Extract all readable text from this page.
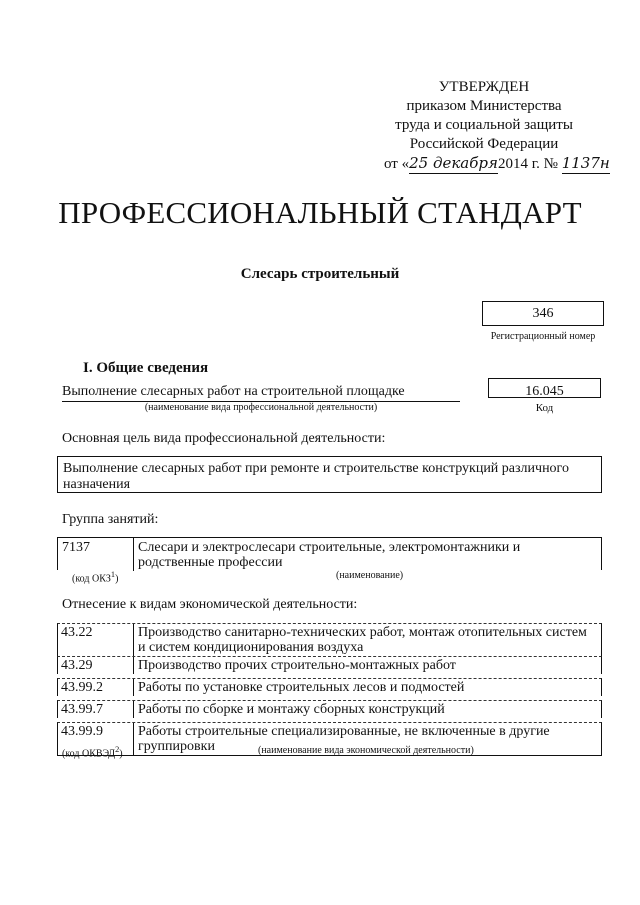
УТВЕРЖДЕН
приказом Министерства
труда и социальной защиты
Российской Федерации
от «25 декабря2014 г. № 1137н
ПРОФЕССИОНАЛЬНЫЙ СТАНДАРТ
Слесарь строительный
346
Регистрационный номер
I. Общие сведения
Выполнение слесарных работ на строительной площадке
(наименование вида профессиональной деятельности)
16.045
Код
Основная цель вида профессиональной деятельности:
Выполнение слесарных работ при ремонте и строительстве конструкций различного назначения
Группа занятий:
7137	Слесари и электрослесари строительные, электромонтажники и родственные профессии
(код ОКЗ$^1$)	(наименование)
Отнесение к видам экономической деятельности:
43.22	Производство санитарно-технических работ, монтаж отопительных систем и систем кондиционирования воздуха
43.29	Производство прочих строительно-монтажных работ
43.99.2	Работы по установке строительных лесов и подмостей
43.99.7	Работы по сборке и монтажу сборных конструкций
43.99.9	Работы строительные специализированные, не включенные в другие группировки
(код ОКВЭД$^2$)	(наименование вида экономической деятельности)
